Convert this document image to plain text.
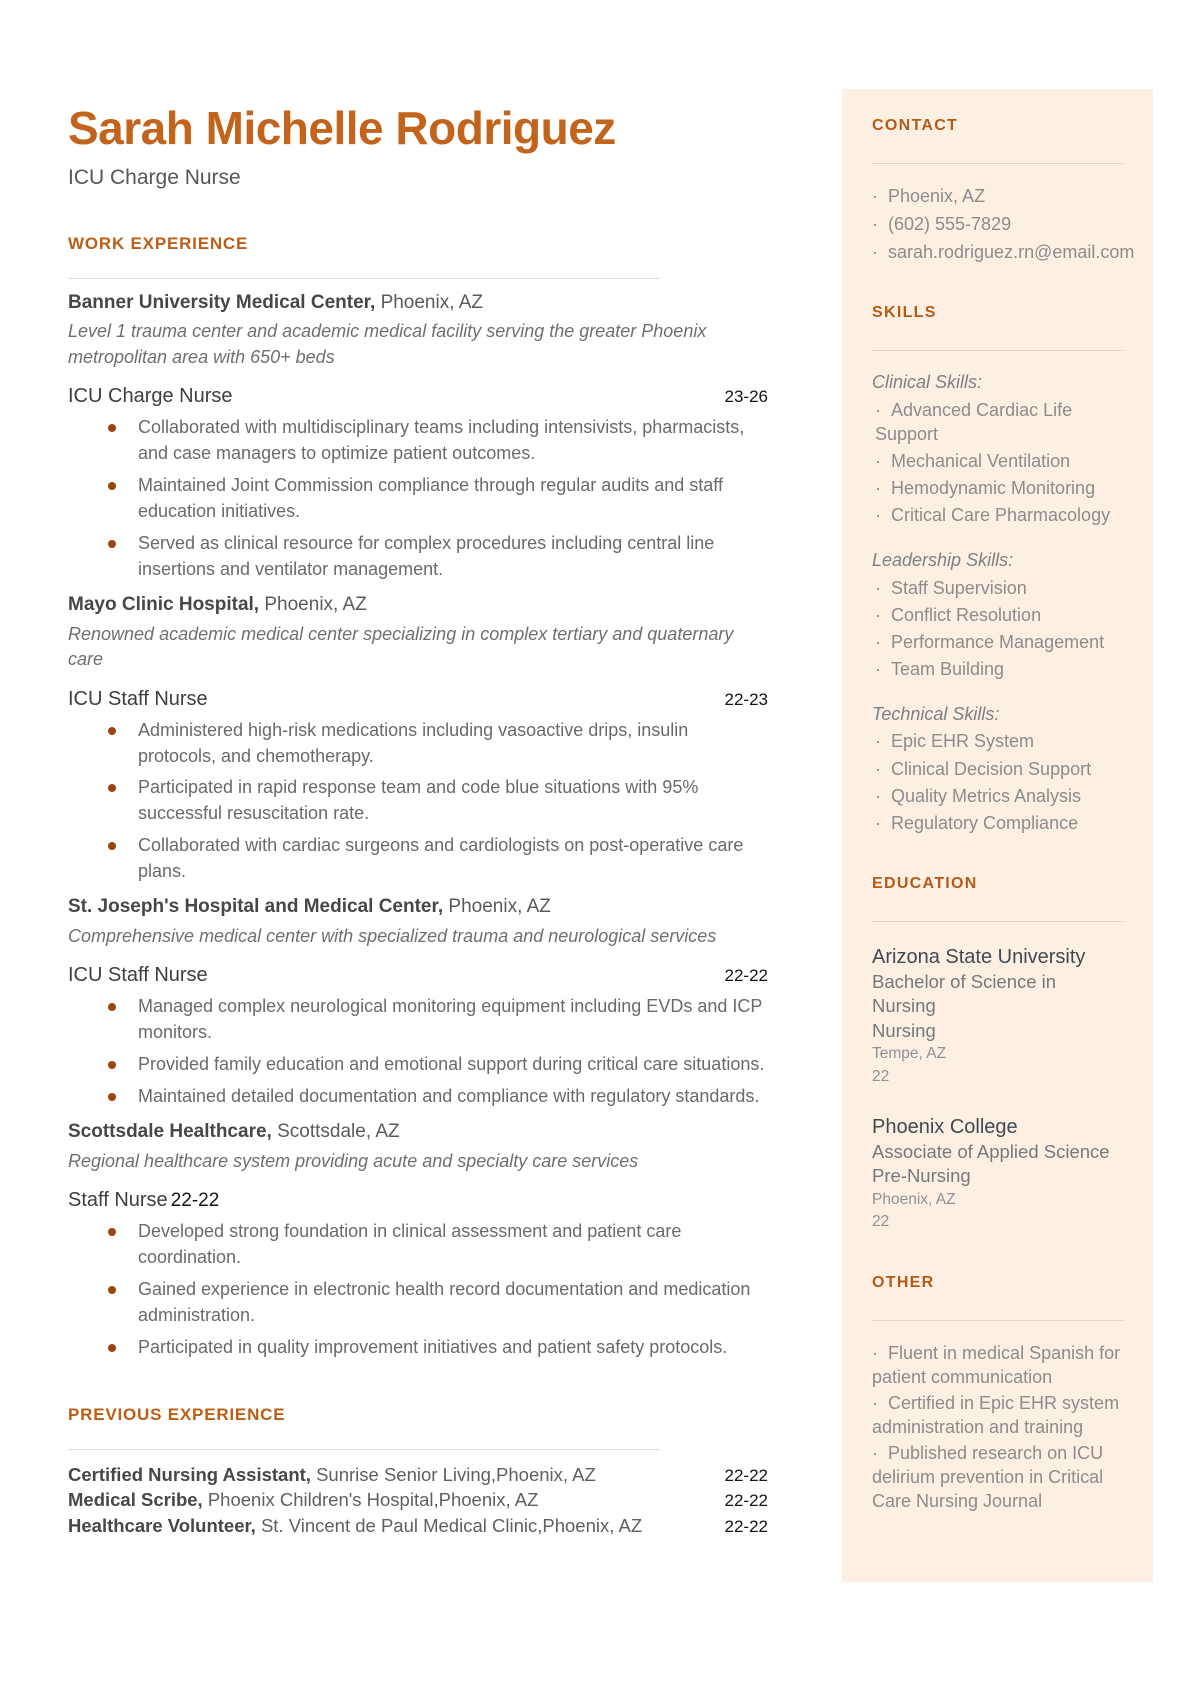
Sarah Michelle Rodriguez
ICU Charge Nurse
WORK EXPERIENCE
Banner University Medical Center, Phoenix, AZ
Level 1 trauma center and academic medical facility serving the greater Phoenix metropolitan area with 650+ beds
ICU Charge Nurse	23-26
Collaborated with multidisciplinary teams including intensivists, pharmacists, and case managers to optimize patient outcomes.
Maintained Joint Commission compliance through regular audits and staff education initiatives.
Served as clinical resource for complex procedures including central line insertions and ventilator management.
Mayo Clinic Hospital, Phoenix, AZ
Renowned academic medical center specializing in complex tertiary and quaternary care
ICU Staff Nurse	22-23
Administered high-risk medications including vasoactive drips, insulin protocols, and chemotherapy.
Participated in rapid response team and code blue situations with 95% successful resuscitation rate.
Collaborated with cardiac surgeons and cardiologists on post-operative care plans.
St. Joseph's Hospital and Medical Center, Phoenix, AZ
Comprehensive medical center with specialized trauma and neurological services
ICU Staff Nurse	22-22
Managed complex neurological monitoring equipment including EVDs and ICP monitors.
Provided family education and emotional support during critical care situations.
Maintained detailed documentation and compliance with regulatory standards.
Scottsdale Healthcare, Scottsdale, AZ
Regional healthcare system providing acute and specialty care services
Staff Nurse 22-22
Developed strong foundation in clinical assessment and patient care coordination.
Gained experience in electronic health record documentation and medication administration.
Participated in quality improvement initiatives and patient safety protocols.
PREVIOUS EXPERIENCE
Certified Nursing Assistant, Sunrise Senior Living,Phoenix, AZ	22-22
Medical Scribe, Phoenix Children's Hospital,Phoenix, AZ	22-22
Healthcare Volunteer, St. Vincent de Paul Medical Clinic,Phoenix, AZ	22-22
CONTACT
·  Phoenix, AZ
·  (602) 555-7829
·  sarah.rodriguez.rn@email.com
SKILLS
Clinical Skills:
·  Advanced Cardiac Life Support
·  Mechanical Ventilation
·  Hemodynamic Monitoring
·  Critical Care Pharmacology
Leadership Skills:
·  Staff Supervision
·  Conflict Resolution
·  Performance Management
·  Team Building
Technical Skills:
·  Epic EHR System
·  Clinical Decision Support
·  Quality Metrics Analysis
·  Regulatory Compliance
EDUCATION
Arizona State University
Bachelor of Science in Nursing
Nursing
Tempe, AZ
22
Phoenix College
Associate of Applied Science
Pre-Nursing
Phoenix, AZ
22
OTHER
·  Fluent in medical Spanish for patient communication
·  Certified in Epic EHR system administration and training
·  Published research on ICU delirium prevention in Critical Care Nursing Journal
